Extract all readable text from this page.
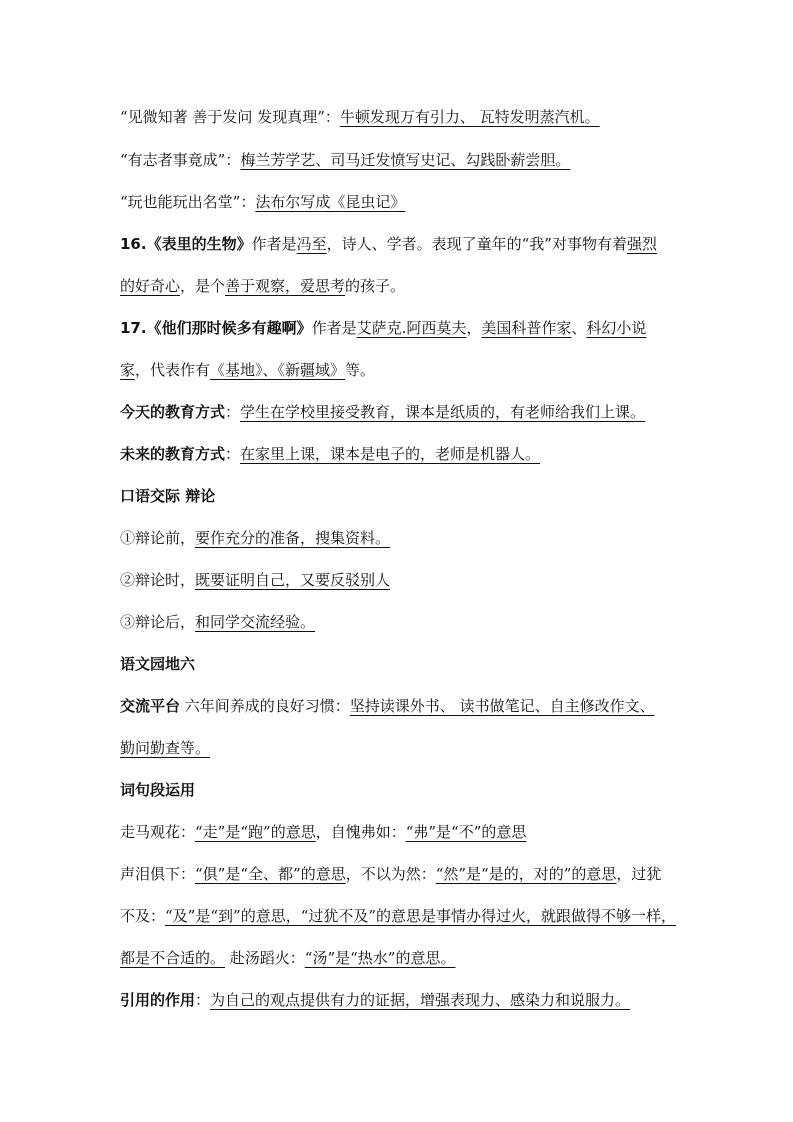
“见微知著 善于发问 发现真理”：牛顿发现万有引力、 瓦特发明蒸汽机。
“有志者事竟成”：梅兰芳学艺、司马迁发愤写史记、勾践卧薪尝胆。
“玩也能玩出名堂”：法布尔写成《昆虫记》
16.《表里的生物》作者是冯至，诗人、学者。表现了童年的“我”对事物有着强烈
的好奇心，是个善于观察，爱思考的孩子。
17.《他们那时候多有趣啊》作者是艾萨克.阿西莫夫，美国科普作家、科幻小说
家，代表作有《基地》、《新疆域》等。
今天的教育方式：学生在学校里接受教育，课本是纸质的，有老师给我们上课。
未来的教育方式：在家里上课，课本是电子的，老师是机器人。
口语交际 辩论
①辩论前，要作充分的准备，搜集资料。
②辩论时，既要证明自己，又要反驳别人
③辩论后，和同学交流经验。
语文园地六
交流平台 六年间养成的良好习惯：坚持读课外书、 读书做笔记、自主修改作文、
勤问勤查等。
词句段运用
走马观花：“走”是“跑”的意思，自愧弗如：“弗”是“不”的意思
声泪俱下：“俱”是“全、都”的意思，不以为然：“然”是“是的，对的”的意思，过犹
不及：“及”是“到”的意思，“过犹不及”的意思是事情办得过火，就跟做得不够一样，
都是不合适的。 赴汤蹈火：“汤”是“热水”的意思。
引用的作用：为自己的观点提供有力的证据，增强表现力、感染力和说服力。
